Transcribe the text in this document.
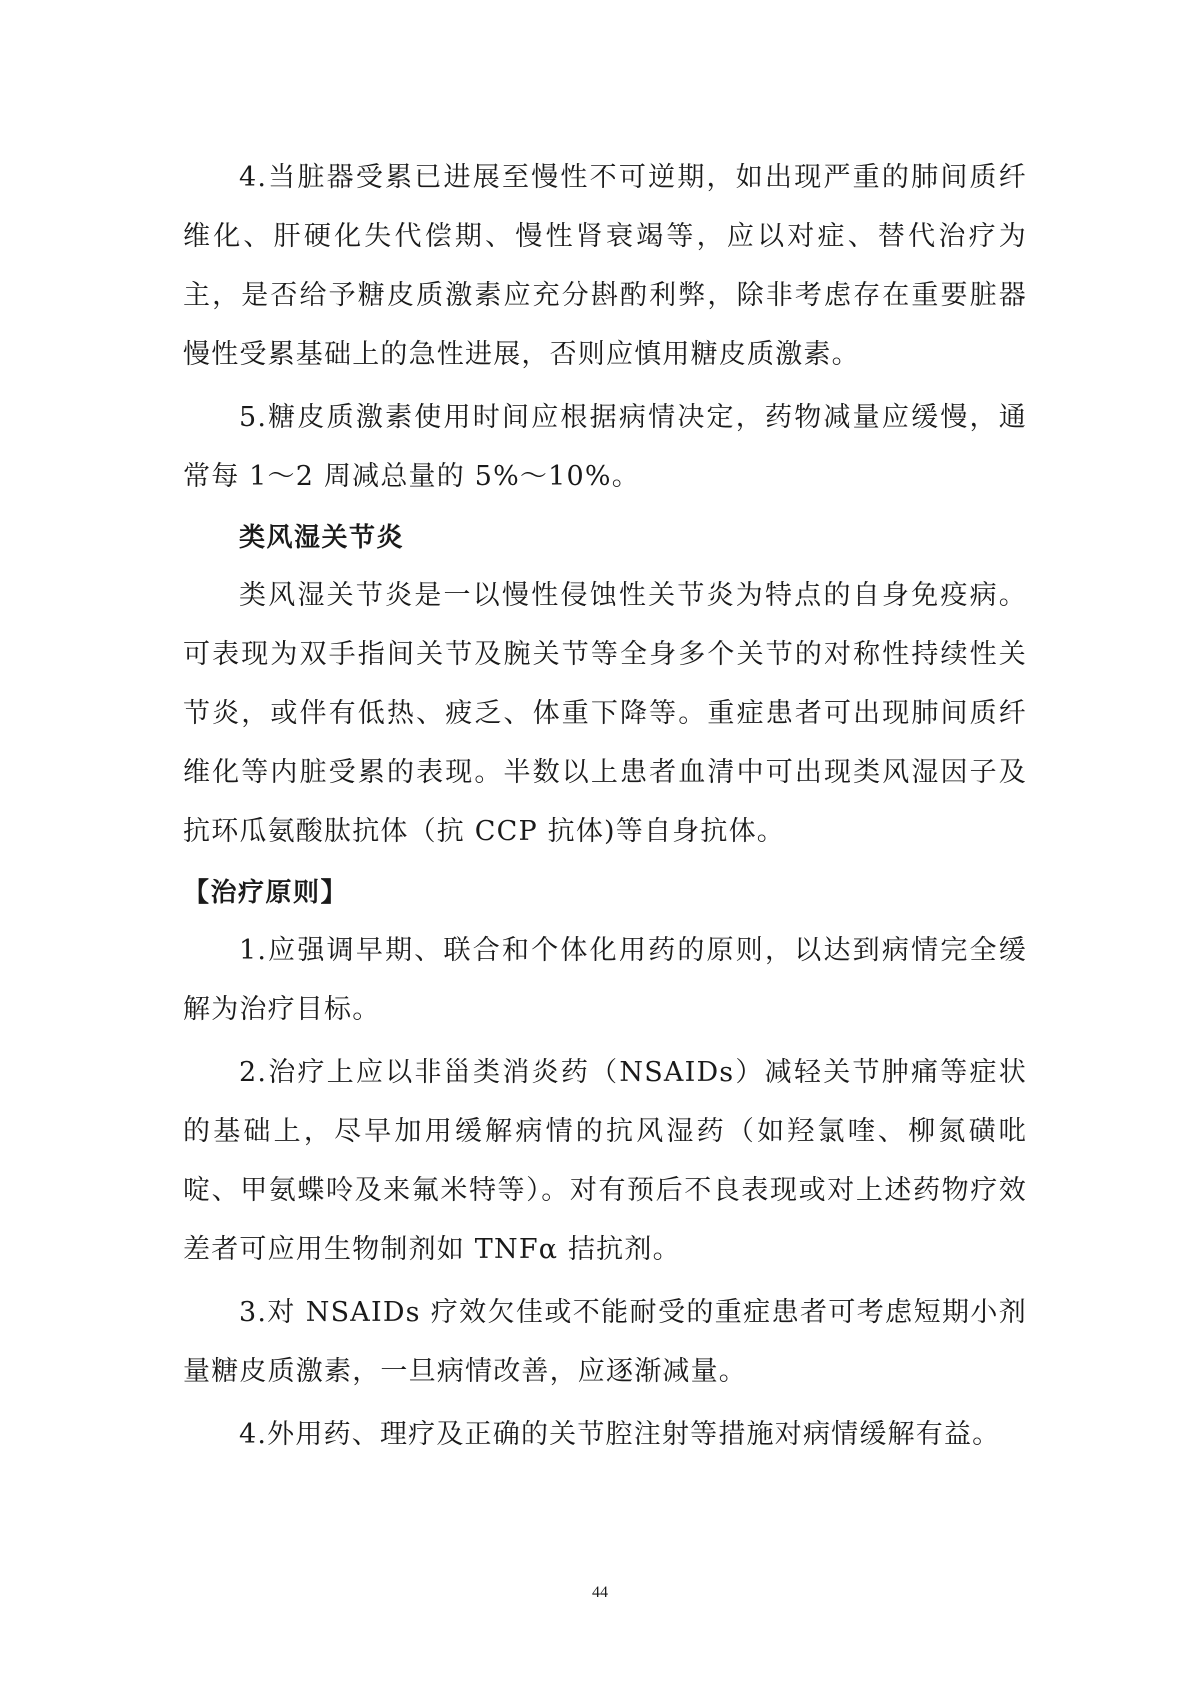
4.当脏器受累已进展至慢性不可逆期，如出现严重的肺间质纤维化、肝硬化失代偿期、慢性肾衰竭等，应以对症、替代治疗为主，是否给予糖皮质激素应充分斟酌利弊，除非考虑存在重要脏器慢性受累基础上的急性进展，否则应慎用糖皮质激素。

5.糖皮质激素使用时间应根据病情决定，药物减量应缓慢，通常每 1～2 周减总量的 5%～10%。

类风湿关节炎

类风湿关节炎是一以慢性侵蚀性关节炎为特点的自身免疫病。可表现为双手指间关节及腕关节等全身多个关节的对称性持续性关节炎，或伴有低热、疲乏、体重下降等。重症患者可出现肺间质纤维化等内脏受累的表现。半数以上患者血清中可出现类风湿因子及抗环瓜氨酸肽抗体（抗 CCP 抗体)等自身抗体。

【治疗原则】

1.应强调早期、联合和个体化用药的原则，以达到病情完全缓解为治疗目标。

2.治疗上应以非甾类消炎药（NSAIDs）减轻关节肿痛等症状的基础上，尽早加用缓解病情的抗风湿药（如羟氯喹、柳氮磺吡啶、甲氨蝶呤及来氟米特等）。对有预后不良表现或对上述药物疗效差者可应用生物制剂如 TNFα 拮抗剂。

3.对 NSAIDs 疗效欠佳或不能耐受的重症患者可考虑短期小剂量糖皮质激素，一旦病情改善，应逐渐减量。

4.外用药、理疗及正确的关节腔注射等措施对病情缓解有益。

44
